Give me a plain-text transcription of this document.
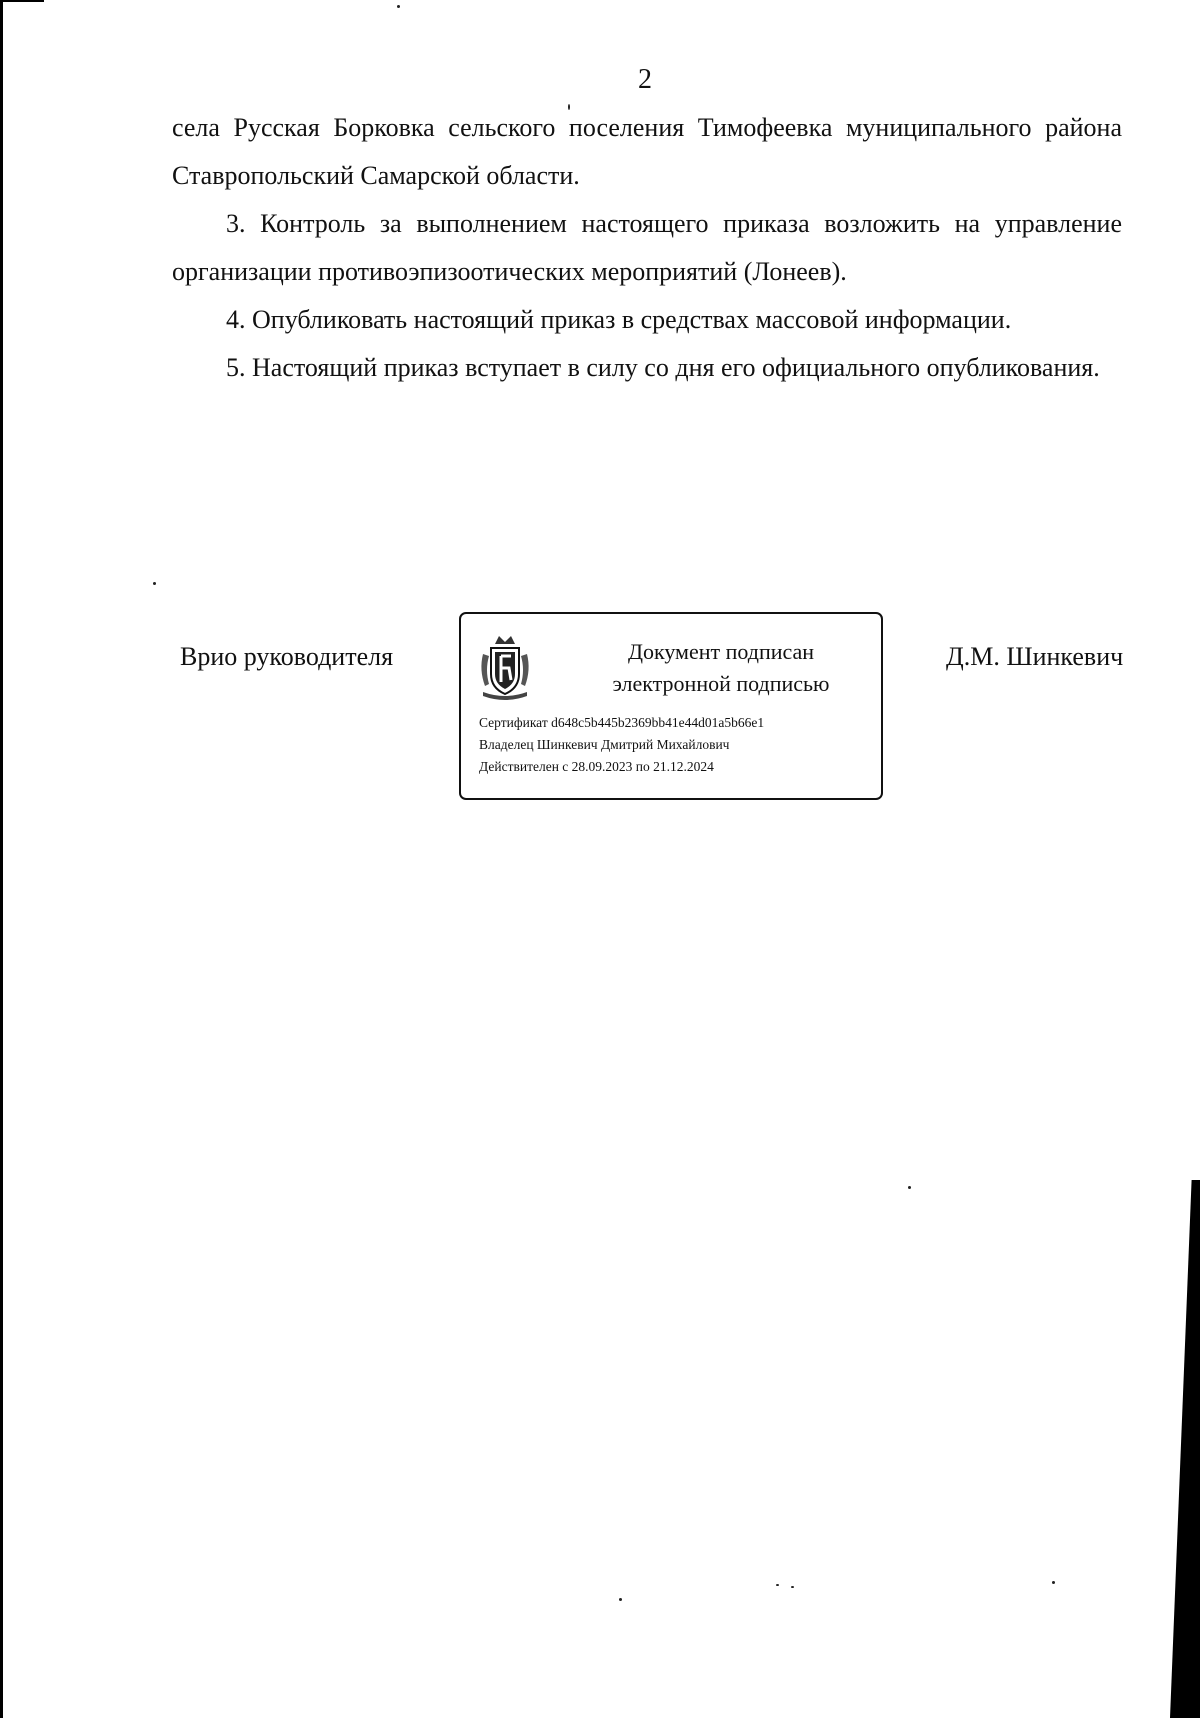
2

села Русская Борковка сельского поселения Тимофеевка муниципального района Ставропольский Самарской области.

3. Контроль за выполнением настоящего приказа возложить на управление организации противоэпизоотических мероприятий (Лонеев).

4. Опубликовать настоящий приказ в средствах массовой информации.

5. Настоящий приказ вступает в силу со дня его официального опубликования.

Врио руководителя	Документ подписан
электронной подписью
Сертификат d648c5b445b2369bb41e44d01a5b66e1
Владелец Шинкевич Дмитрий Михайлович
Действителен с 28.09.2023 по 21.12.2024
Д.М. Шинкевич
